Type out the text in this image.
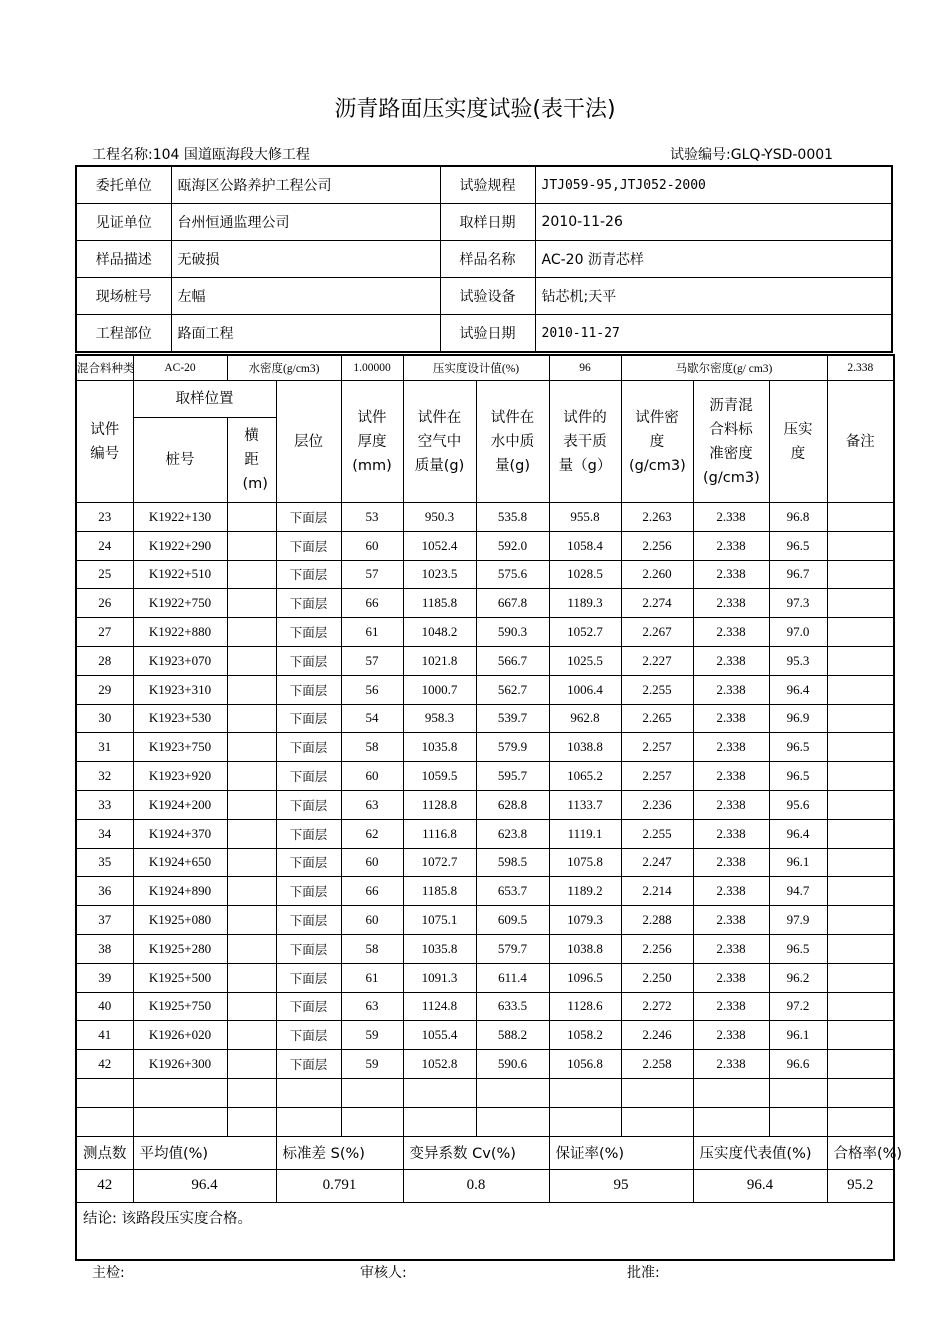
沥青路面压实度试验(表干法)
工程名称:104 国道瓯海段大修工程	试验编号:GLQ-YSD-0001
委托单位	瓯海区公路养护工程公司	试验规程	JTJ059-95,JTJ052-2000
见证单位	台州恒通监理公司	取样日期	2010-11-26
样品描述	无破损	样品名称	AC-20 沥青芯样
现场桩号	左幅	试验设备	钻芯机;天平
工程部位	路面工程	试验日期	2010-11-27
混合料种类	AC-20	水密度(g/cm3)		1.00000	压实度设计值(%)		96	马歇尔密度(g/ cm3)			2.338

试件编号	取样位置		层位	试件厚度(mm)	试件在空气中质量(g)	试件在水中质量(g)	试件的表干质量（g）	试件密度(g/cm3)	沥青混合料标准密度(g/cm3)	压实度	备注
	桩号	横距(m)									

23	K1922+130		下面层	53	950.3	535.8	955.8	2.263	2.338	96.8	
24	K1922+290		下面层	60	1052.4	592.0	1058.4	2.256	2.338	96.5	
25	K1922+510		下面层	57	1023.5	575.6	1028.5	2.260	2.338	96.7	
26	K1922+750		下面层	66	1185.8	667.8	1189.3	2.274	2.338	97.3	
27	K1922+880		下面层	61	1048.2	590.3	1052.7	2.267	2.338	97.0	
28	K1923+070		下面层	57	1021.8	566.7	1025.5	2.227	2.338	95.3	
29	K1923+310		下面层	56	1000.7	562.7	1006.4	2.255	2.338	96.4	
30	K1923+530		下面层	54	958.3	539.7	962.8	2.265	2.338	96.9	
31	K1923+750		下面层	58	1035.8	579.9	1038.8	2.257	2.338	96.5	
32	K1923+920		下面层	60	1059.5	595.7	1065.2	2.257	2.338	96.5	
33	K1924+200		下面层	63	1128.8	628.8	1133.7	2.236	2.338	95.6	
34	K1924+370		下面层	62	1116.8	623.8	1119.1	2.255	2.338	96.4	
35	K1924+650		下面层	60	1072.7	598.5	1075.8	2.247	2.338	96.1	
36	K1924+890		下面层	66	1185.8	653.7	1189.2	2.214	2.338	94.7	
37	K1925+080		下面层	60	1075.1	609.5	1079.3	2.288	2.338	97.9	
38	K1925+280		下面层	58	1035.8	579.7	1038.8	2.256	2.338	96.5	
39	K1925+500		下面层	61	1091.3	611.4	1096.5	2.250	2.338	96.2	
40	K1925+750		下面层	63	1124.8	633.5	1128.6	2.272	2.338	97.2	
41	K1926+020		下面层	59	1055.4	588.2	1058.2	2.246	2.338	96.1	
42	K1926+300		下面层	59	1052.8	590.6	1056.8	2.258	2.338	96.6	

测点数	平均值(%)		标准差 S(%)		变异系数 Cv(%)		保证率(%)		压实度代表值(%)		合格率(%)
42	96.4		0.791		0.8		95		96.4		95.2
结论: 该路段压实度合格。											
主检:	审核人:	批准:
